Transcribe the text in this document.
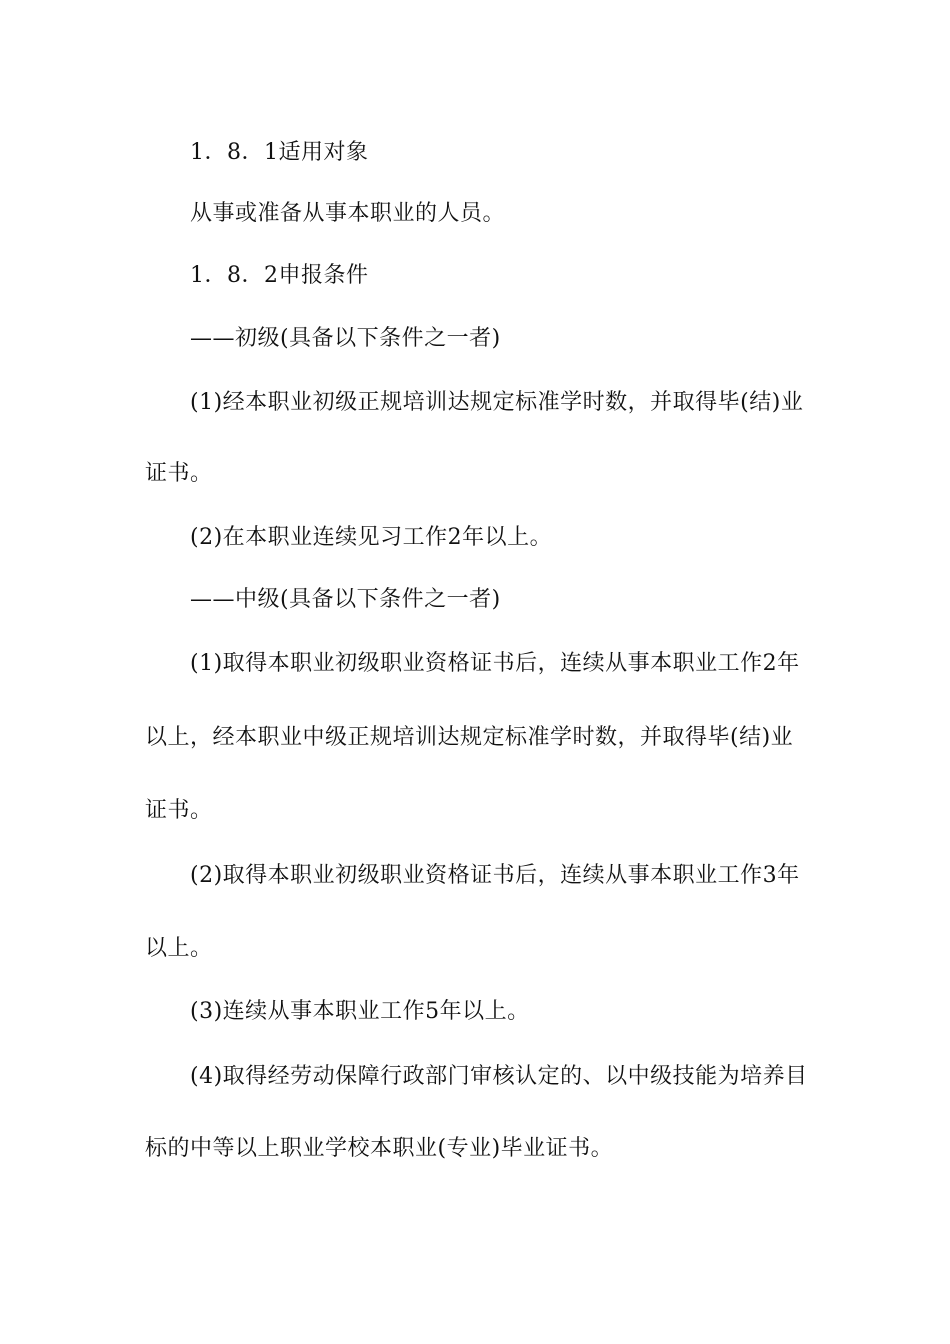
1．8．1适用对象
从事或准备从事本职业的人员。
1．8．2申报条件
——初级(具备以下条件之一者)
(1)经本职业初级正规培训达规定标准学时数，并取得毕(结)业
证书。
(2)在本职业连续见习工作2年以上。
——中级(具备以下条件之一者)
(1)取得本职业初级职业资格证书后，连续从事本职业工作2年
以上，经本职业中级正规培训达规定标准学时数，并取得毕(结)业
证书。
(2)取得本职业初级职业资格证书后，连续从事本职业工作3年
以上。
(3)连续从事本职业工作5年以上。
(4)取得经劳动保障行政部门审核认定的、以中级技能为培养目
标的中等以上职业学校本职业(专业)毕业证书。
